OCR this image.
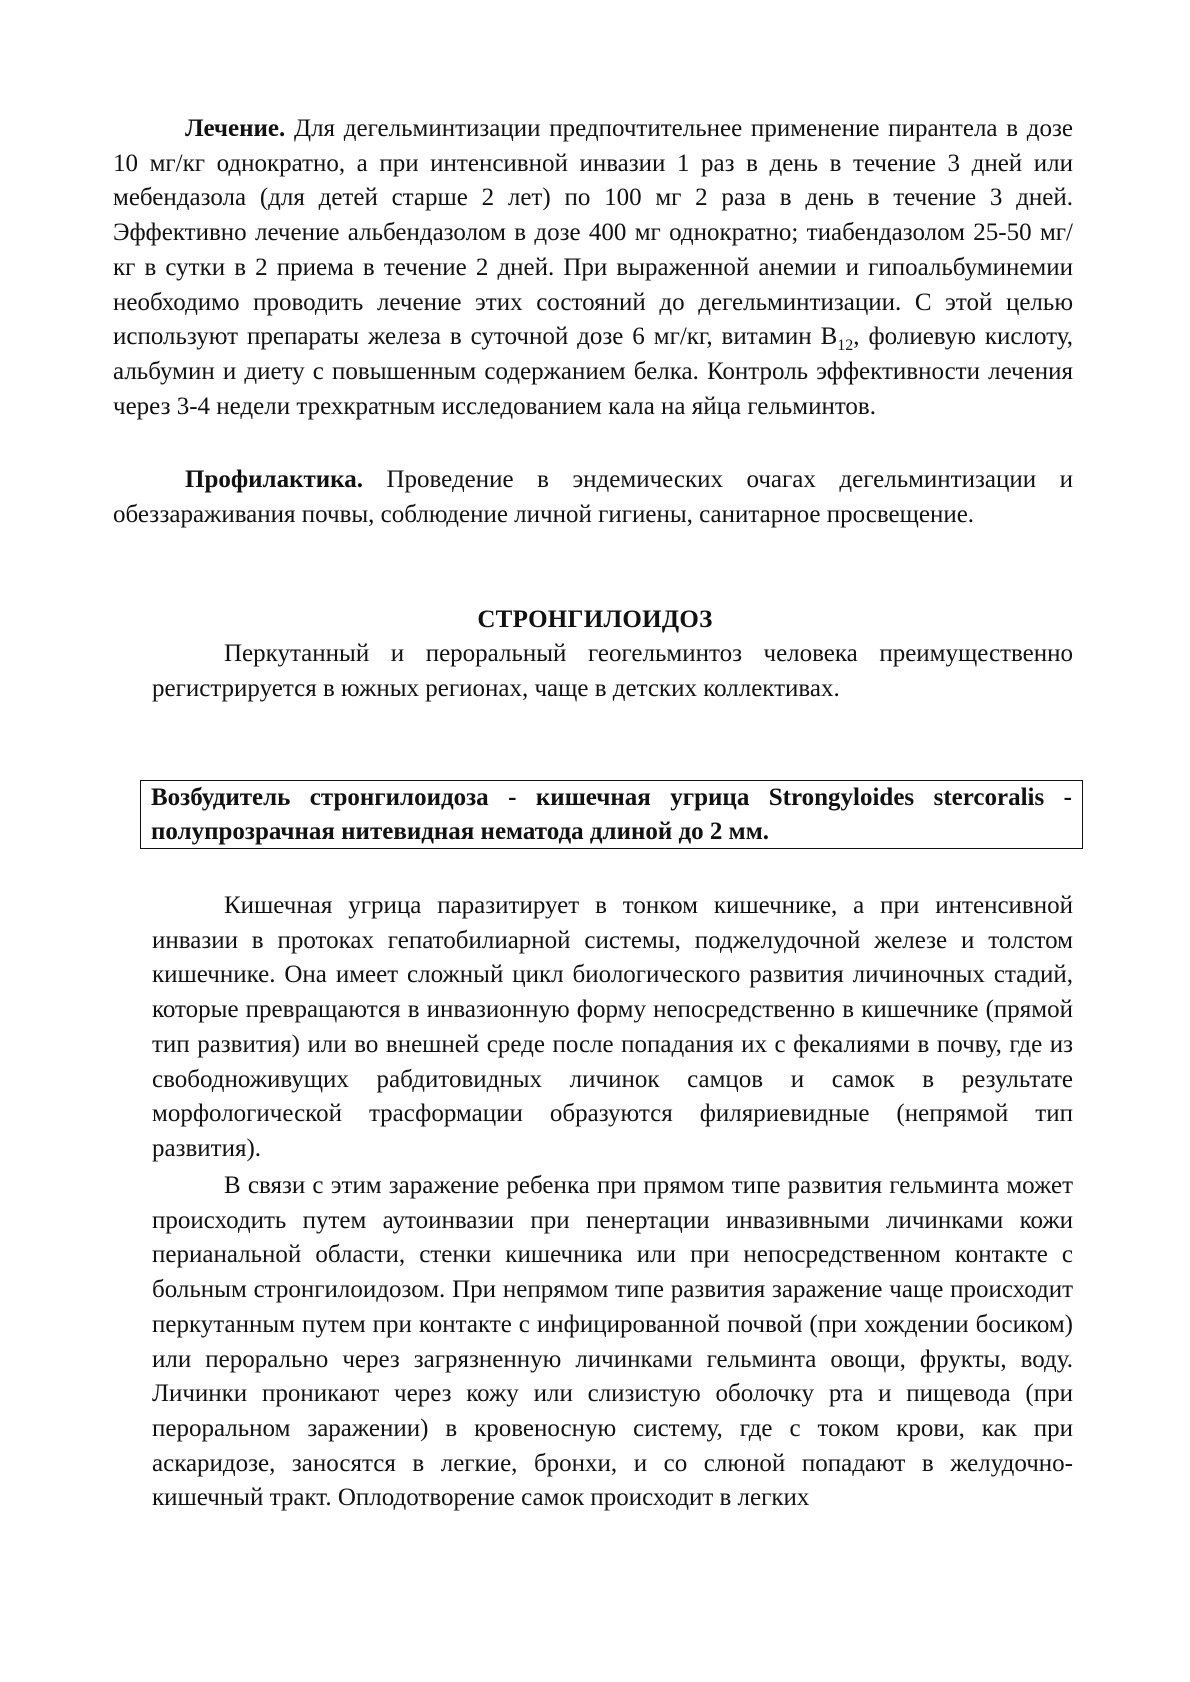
Лечение. Для дегельминтизации предпочтительнее применение пирантела в дозе 10 мг/кг однократно, а при интенсивной инвазии 1 раз в день в течение 3 дней или мебендазола (для детей старше 2 лет) по 100 мг 2 раза в день в течение 3 дней. Эффективно лечение альбендазолом в дозе 400 мг однократно; тиабендазолом 25-50 мг/кг в сутки в 2 приема в течение 2 дней. При выраженной анемии и гипоальбуминемии необходимо проводить лечение этих состояний до дегельминтизации. С этой целью используют препараты железа в суточной дозе 6 мг/кг, витамин $B_{12}$, фолиевую кислоту, альбумин и диету с повышенным содержанием белка. Контроль эффективности лечения через 3-4 недели трехкратным исследованием кала на яйца гельминтов.

Профилактика. Проведение в эндемических очагах дегельминтизации и обеззараживания почвы, соблюдение личной гигиены, санитарное просвещение.

СТРОНГИЛОИДОЗ

Перкутанный и пероральный геогельминтоз человека преимущественно регистрируется в южных регионах, чаще в детских коллективах.

Возбудитель стронгилоидоза - кишечная угрица Strongyloides stercoralis - полупрозрачная нитевидная нематода длиной до 2 мм.

Кишечная угрица паразитирует в тонком кишечнике, а при интенсивной инвазии в протоках гепатобилиарной системы, поджелудочной железе и толстом кишечнике. Она имеет сложный цикл биологического развития личиночных стадий, которые превращаются в инвазионную форму непосредственно в кишечнике (прямой тип развития) или во внешней среде после попадания их с фекалиями в почву, где из свободноживущих рабдитовидных личинок самцов и самок в результате морфологической трасформации образуются филяриевидные (непрямой тип развития).

В связи с этим заражение ребенка при прямом типе развития гельминта может происходить путем аутоинвазии при пенертации инвазивными личинками кожи перианальной области, стенки кишечника или при непосредственном контакте с больным стронгилоидозом. При непрямом типе развития заражение чаще происходит перкутанным путем при контакте с инфицированной почвой (при хождении босиком) или перорально через загрязненную личинками гельминта овощи, фрукты, воду. Личинки проникают через кожу или слизистую оболочку рта и пищевода (при пероральном заражении) в кровеносную систему, где с током крови, как при аскаридозе, заносятся в легкие, бронхи, и со слюной попадают в желудочно-кишечный тракт. Оплодотворение самок происходит в легких
